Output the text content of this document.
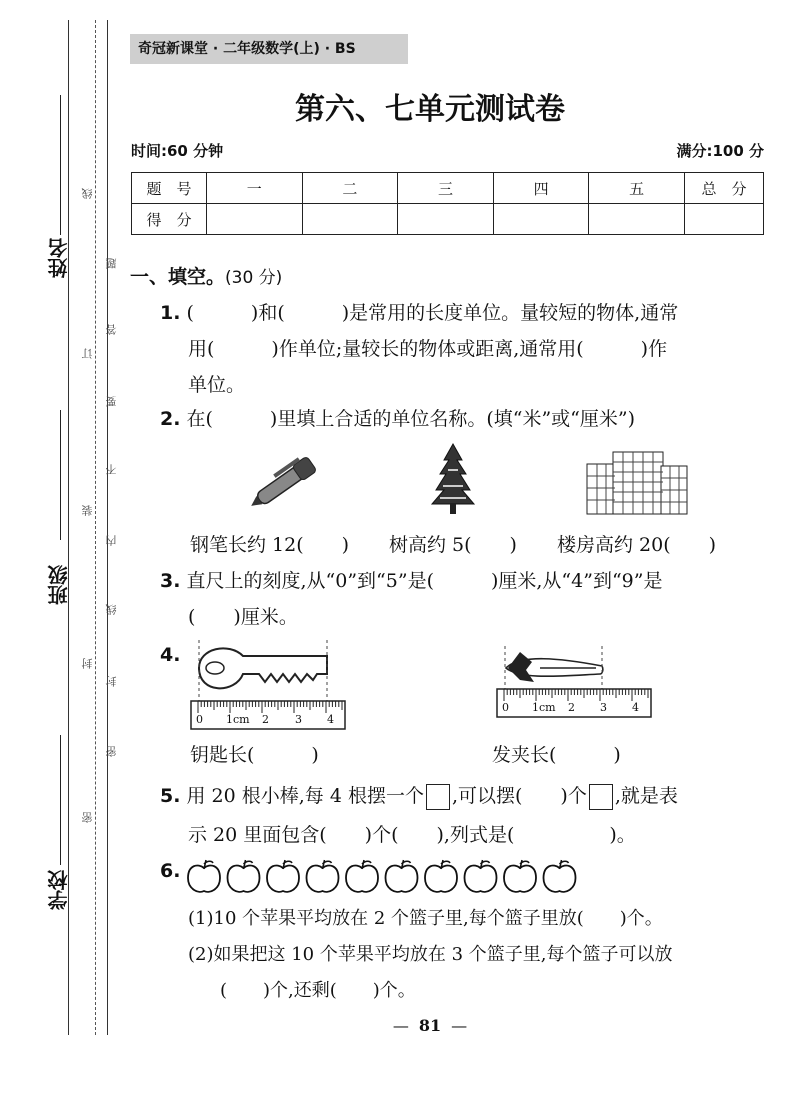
姓名
班级
学校
线
题
答
订
要
不
装
内
线
封
封
密
密
奇冠新课堂 · 二年级数学(上) · BS
第六、七单元测试卷
时间:60 分钟	满分:100 分
题　号	一	二	三	四	五	总　分
得　分						
一、填空。(30 分)
1. (　　　)和(　　　)是常用的长度单位。量较短的物体,通常
用(　　　)作单位;量较长的物体或距离,通常用(　　　)作
单位。
2. 在(　　　)里填上合适的单位名称。(填“米”或“厘米”)
钢笔长约 12(　　) 树高约 5(　　) 楼房高约 20(　　)
3. 直尺上的刻度,从“0”到“5”是(　　　)厘米,从“4”到“9”是
(　　)厘米。
4.
0 1cm 2 3 4
0 1cm 2 3 4
钥匙长(　　　)	发夹长(　　　)
5. 用 20 根小棒,每 4 根摆一个 ,可以摆(　　)个 ,就是表
示 20 里面包含(　　)个(　　),列式是(　　　　　)。
6.
(1)10 个苹果平均放在 2 个篮子里,每个篮子里放(　　)个。
(2)如果把这 10 个苹果平均放在 3 个篮子里,每个篮子可以放
(　　)个,还剩(　　)个。
— 81 —
